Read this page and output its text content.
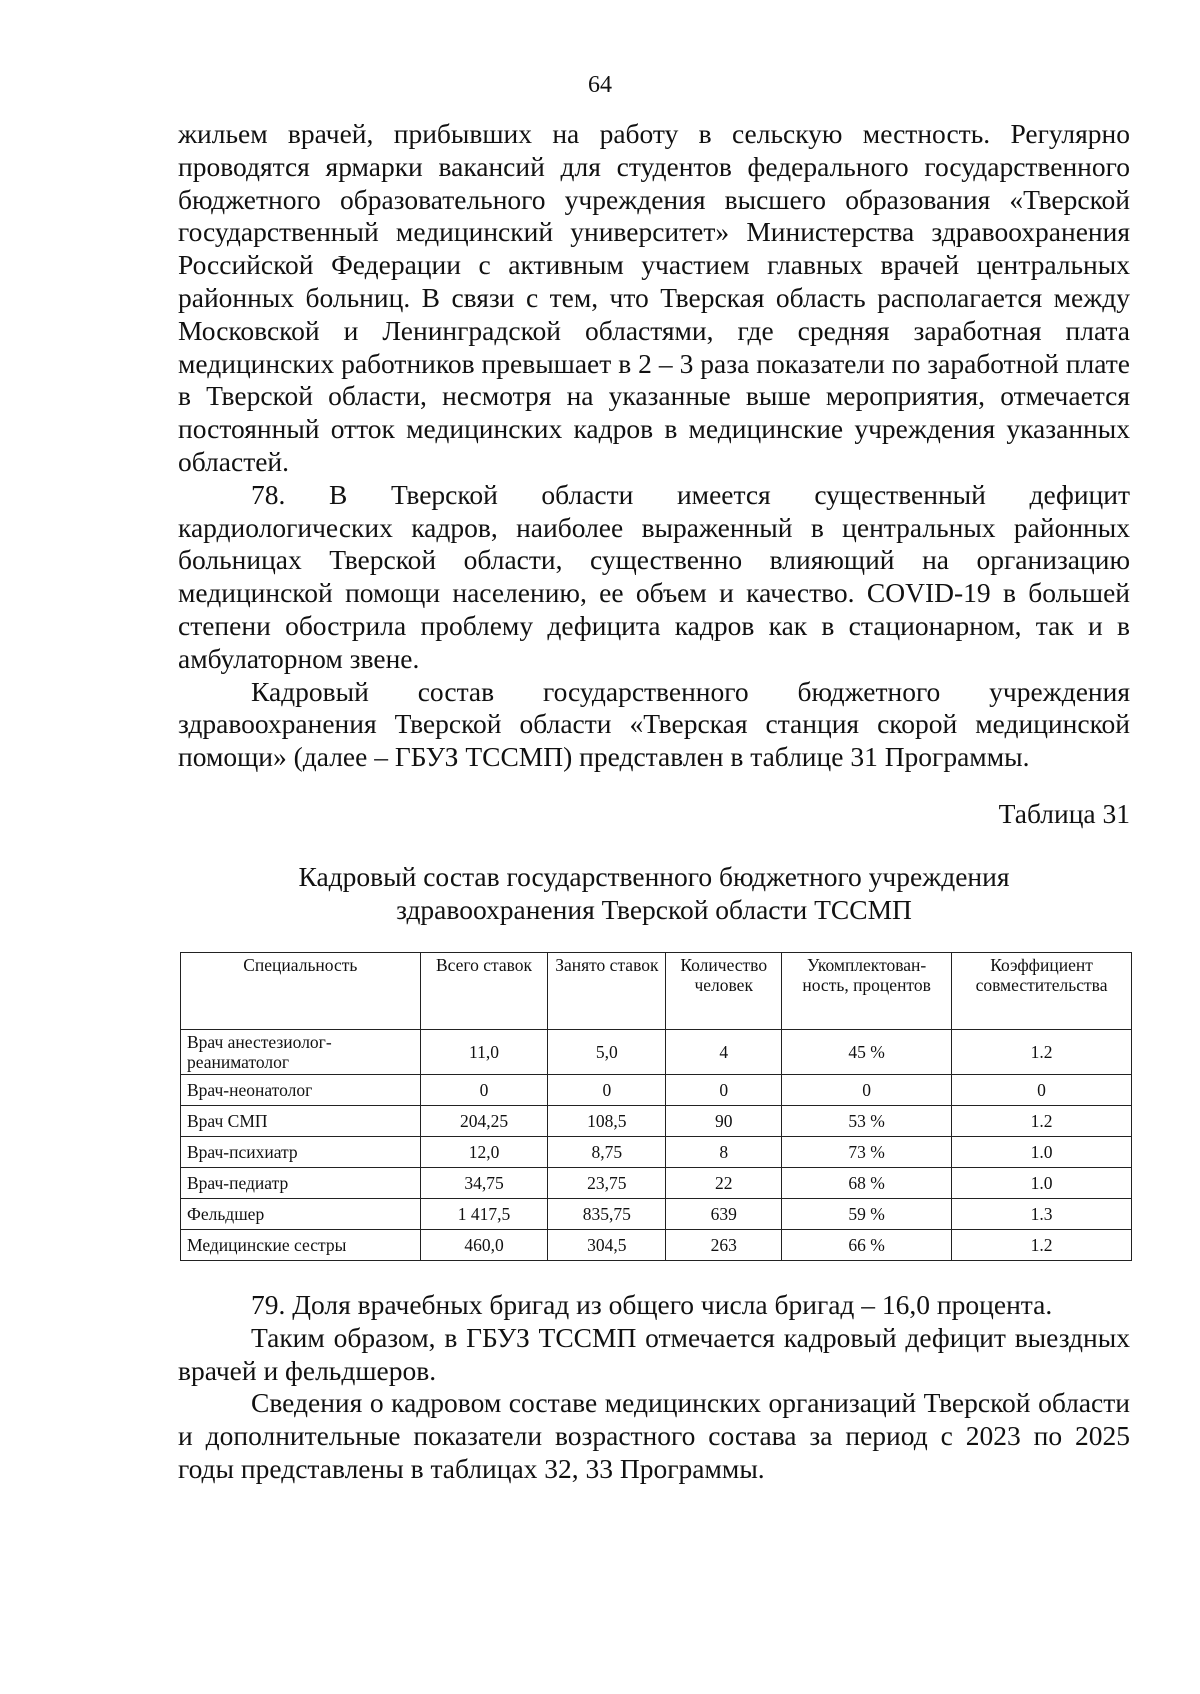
64

жильем врачей, прибывших на работу в сельскую местность. Регулярно проводятся ярмарки вакансий для студентов федерального государственного бюджетного образовательного учреждения высшего образования «Тверской государственный медицинский университет» Министерства здравоохранения Российской Федерации с активным участием главных врачей центральных районных больниц. В связи с тем, что Тверская область располагается между Московской и Ленинградской областями, где средняя заработная плата медицинских работников превышает в 2 – 3 раза показатели по заработной плате в Тверской области, несмотря на указанные выше мероприятия, отмечается постоянный отток медицинских кадров в медицинские учреждения указанных областей.

78. В Тверской области имеется существенный дефицит кардиологических кадров, наиболее выраженный в центральных районных больницах Тверской области, существенно влияющий на организацию медицинской помощи населению, ее объем и качество. COVID-19 в большей степени обострила проблему дефицита кадров как в стационарном, так и в амбулаторном звене.

Кадровый состав государственного бюджетного учреждения здравоохранения Тверской области «Тверская станция скорой медицинской помощи» (далее – ГБУЗ ТССМП) представлен в таблице 31 Программы.

Таблица 31
Кадровый состав государственного бюджетного учреждения
здравоохранения Тверской области ТССМП
Специальность	Всего ставок	Занято ставок	Количество человек	Укомплектован-ность, процентов	Коэффициент совместительства
Врач анестезиолог-реаниматолог	11,0	5,0	4	45 %	1.2
Врач-неонатолог	0	0	0	0	0
Врач СМП	204,25	108,5	90	53 %	1.2
Врач-психиатр	12,0	8,75	8	73 %	1.0
Врач-педиатр	34,75	23,75	22	68 %	1.0
Фельдшер	1 417,5	835,75	639	59 %	1.3
Медицинские сестры	460,0	304,5	263	66 %	1.2

79. Доля врачебных бригад из общего числа бригад – 16,0 процента.

Таким образом, в ГБУЗ ТССМП отмечается кадровый дефицит выездных врачей и фельдшеров.

Сведения о кадровом составе медицинских организаций Тверской области и дополнительные показатели возрастного состава за период с 2023 по 2025 годы представлены в таблицах 32, 33 Программы.
